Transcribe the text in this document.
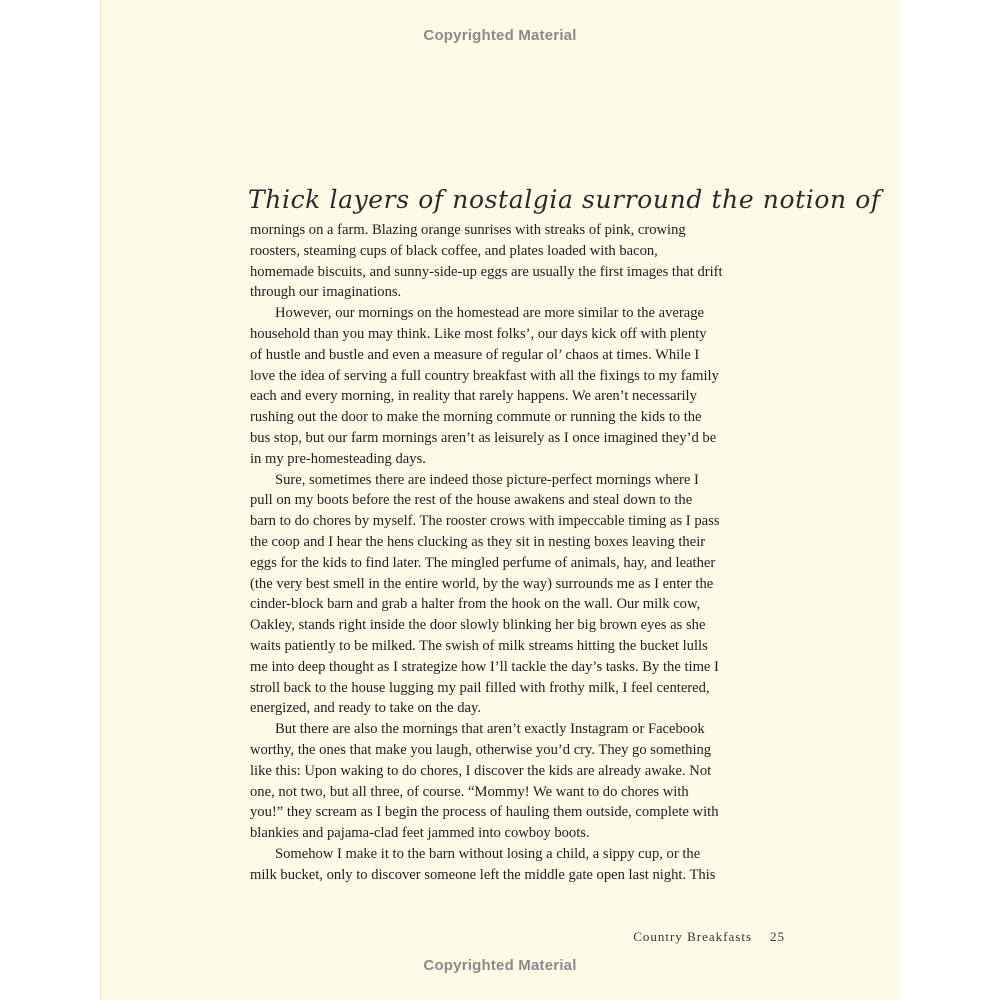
Copyrighted Material
Thick layers of nostalgia surround the notion of
mornings on a farm. Blazing orange sunrises with streaks of pink, crowing
roosters, steaming cups of black coffee, and plates loaded with bacon,
homemade biscuits, and sunny-side-up eggs are usually the first images that drift
through our imaginations.
However, our mornings on the homestead are more similar to the average
household than you may think. Like most folks’, our days kick off with plenty
of hustle and bustle and even a measure of regular ol’ chaos at times. While I
love the idea of serving a full country breakfast with all the fixings to my family
each and every morning, in reality that rarely happens. We aren’t necessarily
rushing out the door to make the morning commute or running the kids to the
bus stop, but our farm mornings aren’t as leisurely as I once imagined they’d be
in my pre-homesteading days.
Sure, sometimes there are indeed those picture-perfect mornings where I
pull on my boots before the rest of the house awakens and steal down to the
barn to do chores by myself. The rooster crows with impeccable timing as I pass
the coop and I hear the hens clucking as they sit in nesting boxes leaving their
eggs for the kids to find later. The mingled perfume of animals, hay, and leather
(the very best smell in the entire world, by the way) surrounds me as I enter the
cinder-block barn and grab a halter from the hook on the wall. Our milk cow,
Oakley, stands right inside the door slowly blinking her big brown eyes as she
waits patiently to be milked. The swish of milk streams hitting the bucket lulls
me into deep thought as I strategize how I’ll tackle the day’s tasks. By the time I
stroll back to the house lugging my pail filled with frothy milk, I feel centered,
energized, and ready to take on the day.
But there are also the mornings that aren’t exactly Instagram or Facebook
worthy, the ones that make you laugh, otherwise you’d cry. They go something
like this: Upon waking to do chores, I discover the kids are already awake. Not
one, not two, but all three, of course. “Mommy! We want to do chores with
you!” they scream as I begin the process of hauling them outside, complete with
blankies and pajama-clad feet jammed into cowboy boots.
Somehow I make it to the barn without losing a child, a sippy cup, or the
milk bucket, only to discover someone left the middle gate open last night. This
Country Breakfasts 25
Copyrighted Material
